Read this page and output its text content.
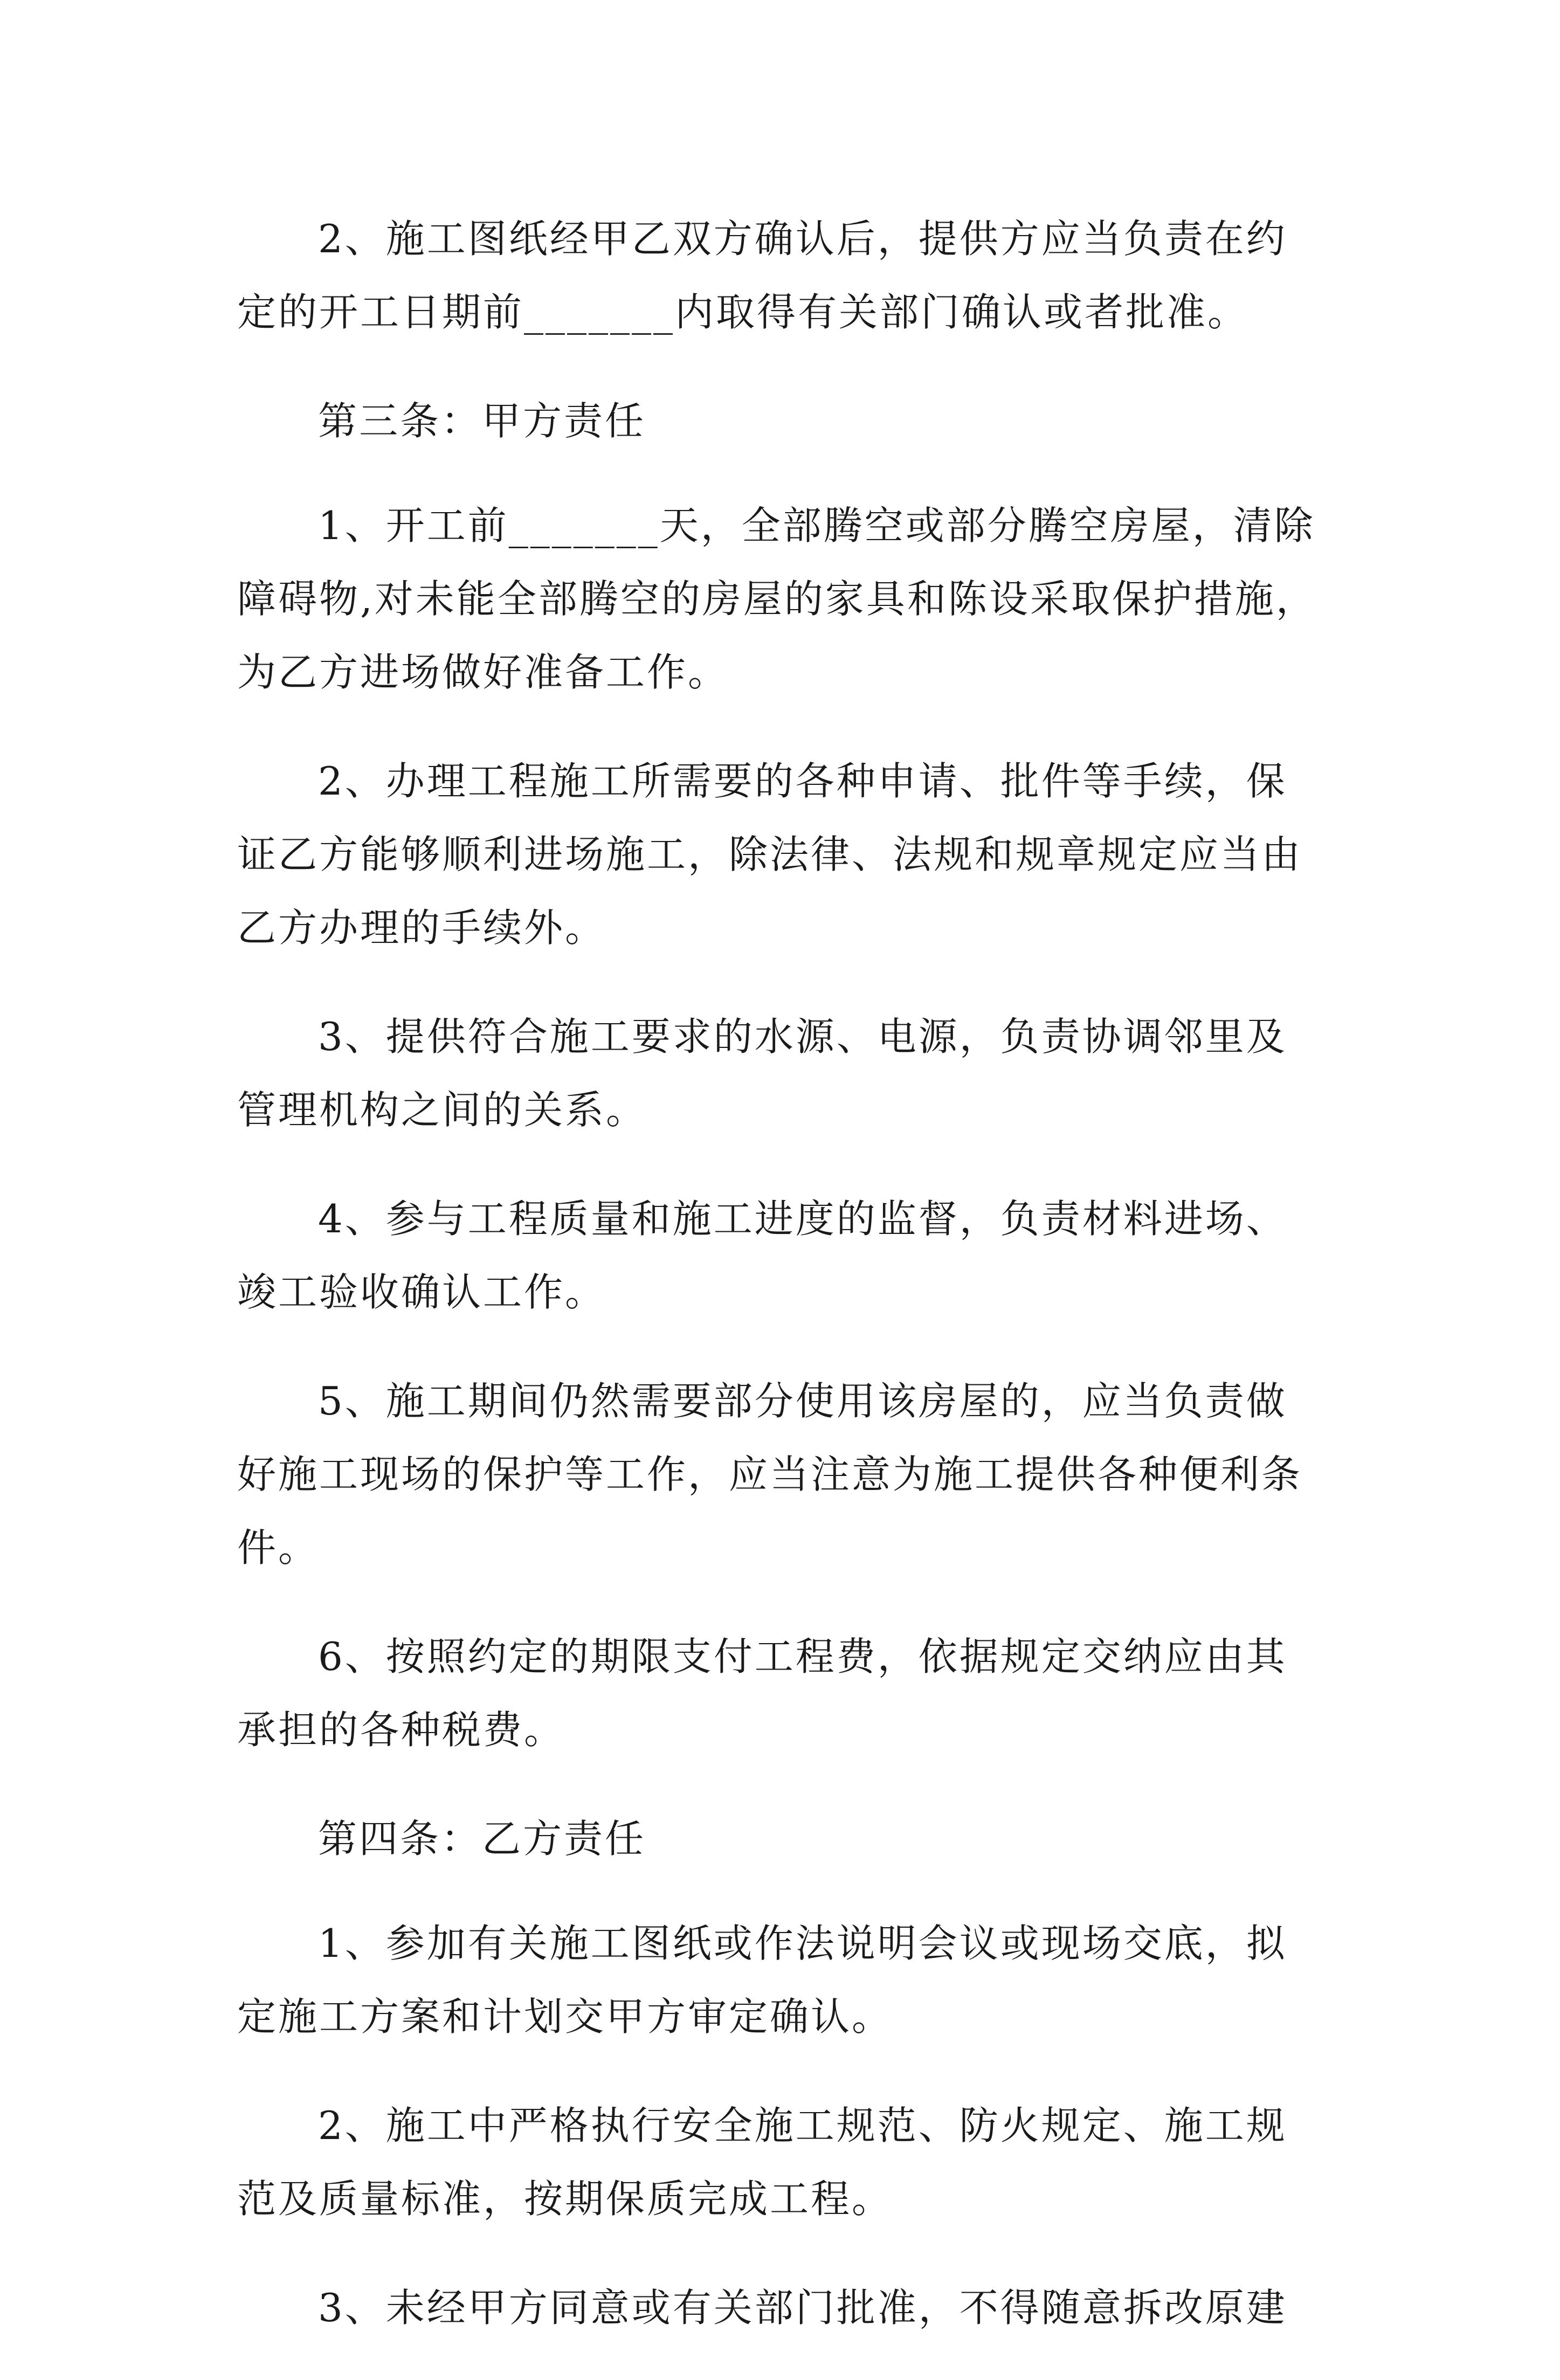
2、施工图纸经甲乙双方确认后，提供方应当负责在约
定的开工日期前_______内取得有关部门确认或者批准。
第三条：甲方责任
1、开工前_______天，全部腾空或部分腾空房屋，清除
障碍物,对未能全部腾空的房屋的家具和陈设采取保护措施，
为乙方进场做好准备工作。
2、办理工程施工所需要的各种申请、批件等手续，保
证乙方能够顺利进场施工，除法律、法规和规章规定应当由
乙方办理的手续外。
3、提供符合施工要求的水源、电源，负责协调邻里及
管理机构之间的关系。
4、参与工程质量和施工进度的监督，负责材料进场、
竣工验收确认工作。
5、施工期间仍然需要部分使用该房屋的，应当负责做
好施工现场的保护等工作，应当注意为施工提供各种便利条
件。
6、按照约定的期限支付工程费，依据规定交纳应由其
承担的各种税费。
第四条：乙方责任
1、参加有关施工图纸或作法说明会议或现场交底，拟
定施工方案和计划交甲方审定确认。
2、施工中严格执行安全施工规范、防火规定、施工规
范及质量标准，按期保质完成工程。
3、未经甲方同意或有关部门批准，不得随意拆改原建
